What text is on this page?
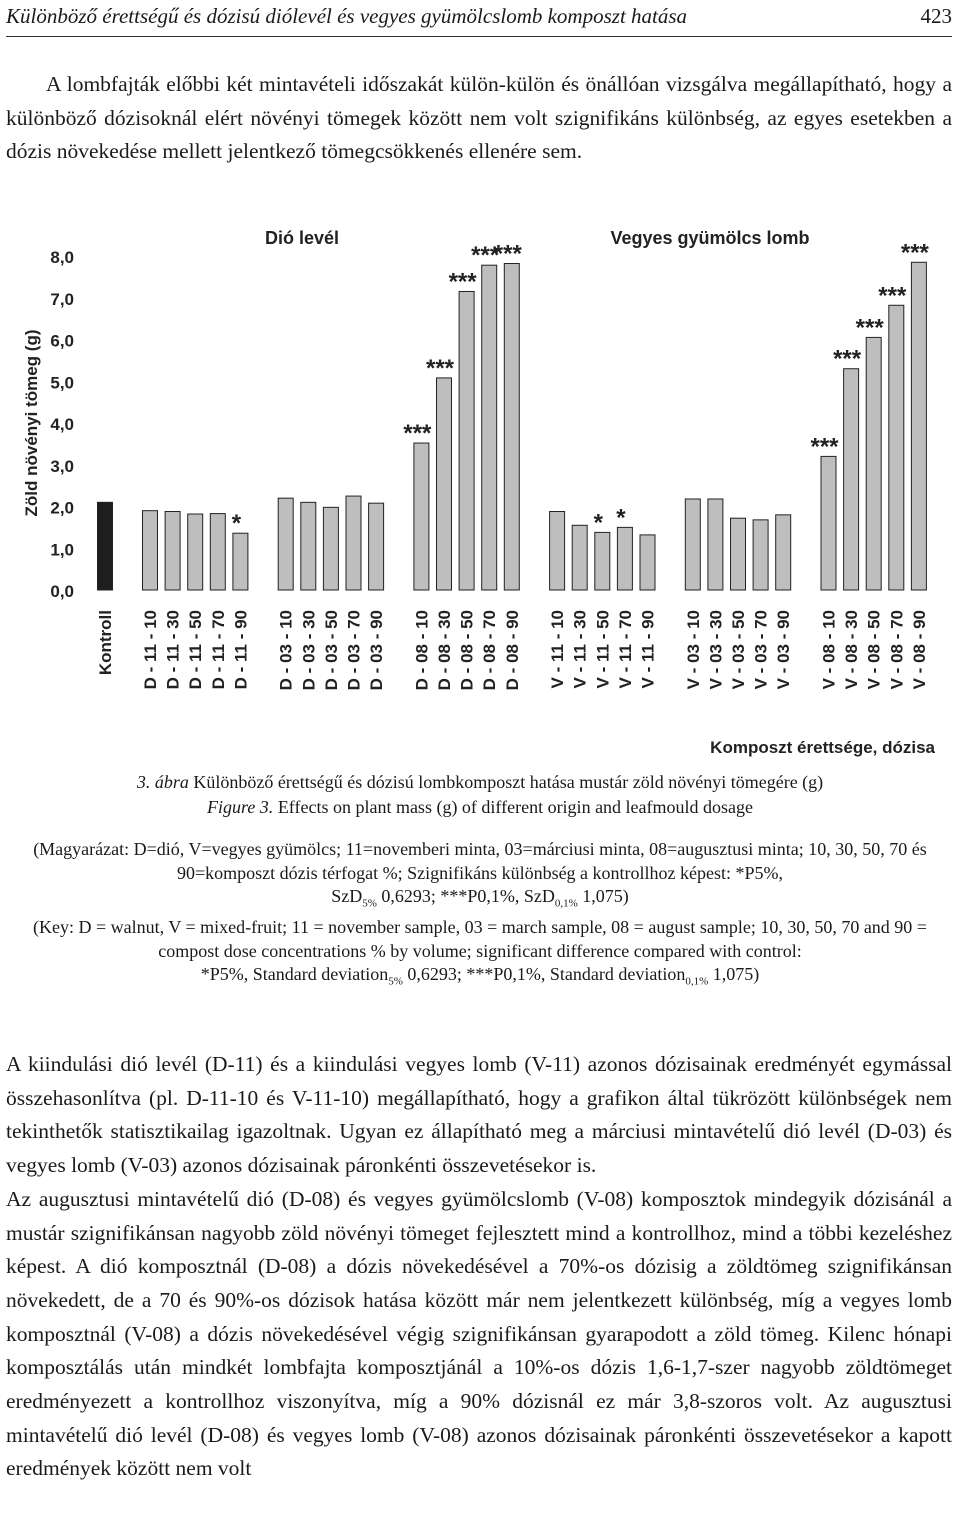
Különböző érettségű és dózisú diólevél és vegyes gyümölcslomb komposzt hatása	423

A lombfajták előbbi két mintavételi időszakát külön-külön és önállóan vizsgálva megállapítható, hogy a különböző dózisoknál elért növényi tömegek között nem volt szignifikáns különbség, az egyes esetekben a dózis növekedése mellett jelentkező tömegcsökkenés ellenére sem.

0,0
1,0
2,0
3,0
4,0
5,0
6,0
7,0
8,0
Zöld növényi tömeg (g)
Dió levél	Vegyes gyümölcs lomb
Kontroll D - 11 - 10 D - 11 - 30 D - 11 - 50 D - 11 - 70
*
D - 11 - 90 D - 03 - 10 D - 03 - 30 D - 03 - 50 D - 03 - 70 D - 03 - 90
***
D - 08 - 10
***
D - 08 - 30
***
D - 08 - 50
***
D - 08 - 70
***
D - 08 - 90 V - 11 - 10 V - 11 - 30
*
V - 11 - 50
*
V - 11 - 70 V - 11 - 90 V - 03 - 10 V - 03 - 30 V - 03 - 50 V - 03 - 70 V - 03 - 90
***
V - 08 - 10
***
V - 08 - 30
***
V - 08 - 50
***
V - 08 - 70
***
V - 08 - 90
Komposzt érettsége, dózisa
3. ábra Különböző érettségű és dózisú lombkomposzt hatása mustár zöld növényi tömegére (g)
Figure 3. Effects on plant mass (g) of different origin and leafmould dosage

(Magyarázat: D=dió, V=vegyes gyümölcs; 11=novemberi minta, 03=márciusi minta, 08=augusztusi minta; 10, 30, 50, 70 és 90=komposzt dózis térfogat %; Szignifikáns különbség a kontrollhoz képest: *P5%,
SzD$_{5\%}$ 0,6293; ***P0,1%, SzD$_{0,1\%}$ 1,075)

(Key: D = walnut, V = mixed-fruit; 11 = november sample, 03 = march sample, 08 = august sample; 10, 30, 50, 70 and 90 = compost dose concentrations % by volume; significant difference compared with control:
*P5%, Standard deviation$_{5\%}$ 0,6293; ***P0,1%, Standard deviation$_{0,1\%}$ 1,075)

A kiindulási dió levél (D-11) és a kiindulási vegyes lomb (V-11) azonos dózisainak eredményét egymással összehasonlítva (pl. D-11-10 és V-11-10) megállapítható, hogy a grafikon által tükrözött különbségek nem tekinthetők statisztikailag igazoltnak. Ugyan ez állapítható meg a márciusi mintavételű dió levél (D-03) és vegyes lomb (V-03) azonos dózisainak páronkénti összevetésekor is.

Az augusztusi mintavételű dió (D-08) és vegyes gyümölcslomb (V-08) komposztok mindegyik dózisánál a mustár szignifikánsan nagyobb zöld növényi tömeget fejlesztett mind a kontrollhoz, mind a többi kezeléshez képest. A dió komposztnál (D-08) a dózis növekedésével a 70%-os dózisig a zöldtömeg szignifikánsan növekedett, de a 70 és 90%-os dózisok hatása között már nem jelentkezett különbség, míg a vegyes lomb komposztnál (V-08) a dózis növekedésével végig szignifikánsan gyarapodott a zöld tömeg. Kilenc hónapi komposztálás után mindkét lombfajta komposztjánál a 10%-os dózis 1,6-1,7-szer nagyobb zöldtömeget eredményezett a kontrollhoz viszonyítva, míg a 90% dózisnál ez már 3,8-szoros volt. Az augusztusi mintavételű dió levél (D-08) és vegyes lomb (V-08) azonos dózisainak páronkénti összevetésekor a kapott eredmények között nem volt
